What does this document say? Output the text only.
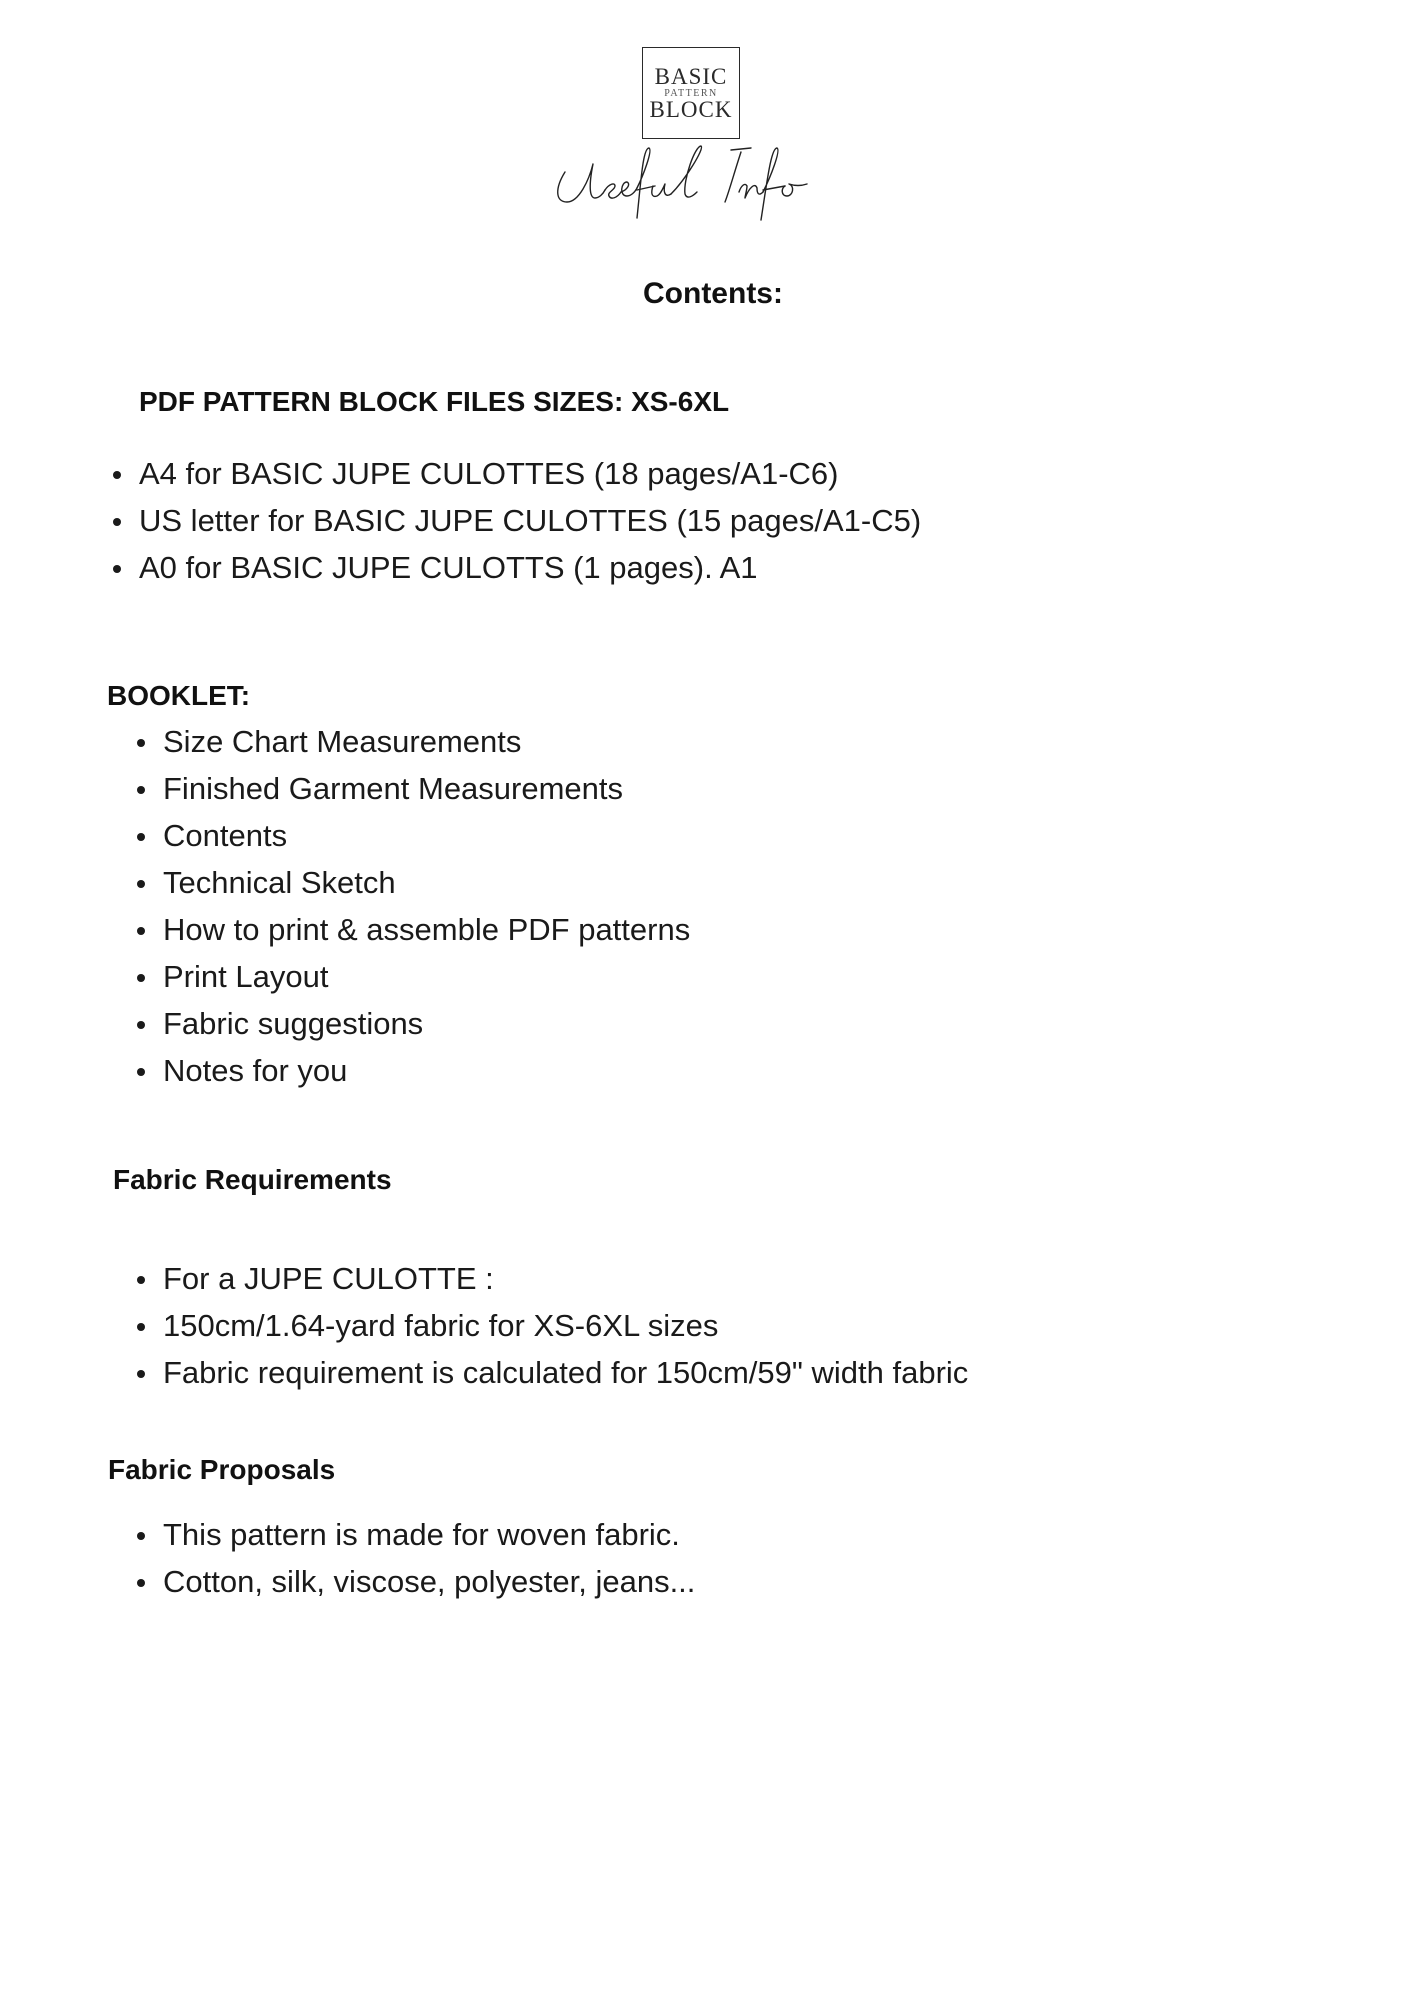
BASIC
PATTERN
BLOCK
Contents:
PDF PATTERN BLOCK FILES SIZES: XS-6XL
A4 for BASIC JUPE CULOTTES (18 pages/A1-C6)
US letter for BASIC JUPE CULOTTES (15 pages/A1-C5)
A0 for BASIC JUPE CULOTTS (1 pages). A1
BOOKLET:
Size Chart Measurements
Finished Garment Measurements
Contents
Technical Sketch
How to print & assemble PDF patterns
Print Layout
Fabric suggestions
Notes for you
Fabric Requirements
For a JUPE CULOTTE :
150cm/1.64-yard fabric for XS-6XL sizes
Fabric requirement is calculated for 150cm/59" width fabric
Fabric Proposals
This pattern is made for woven fabric.
Cotton, silk, viscose, polyester, jeans...
